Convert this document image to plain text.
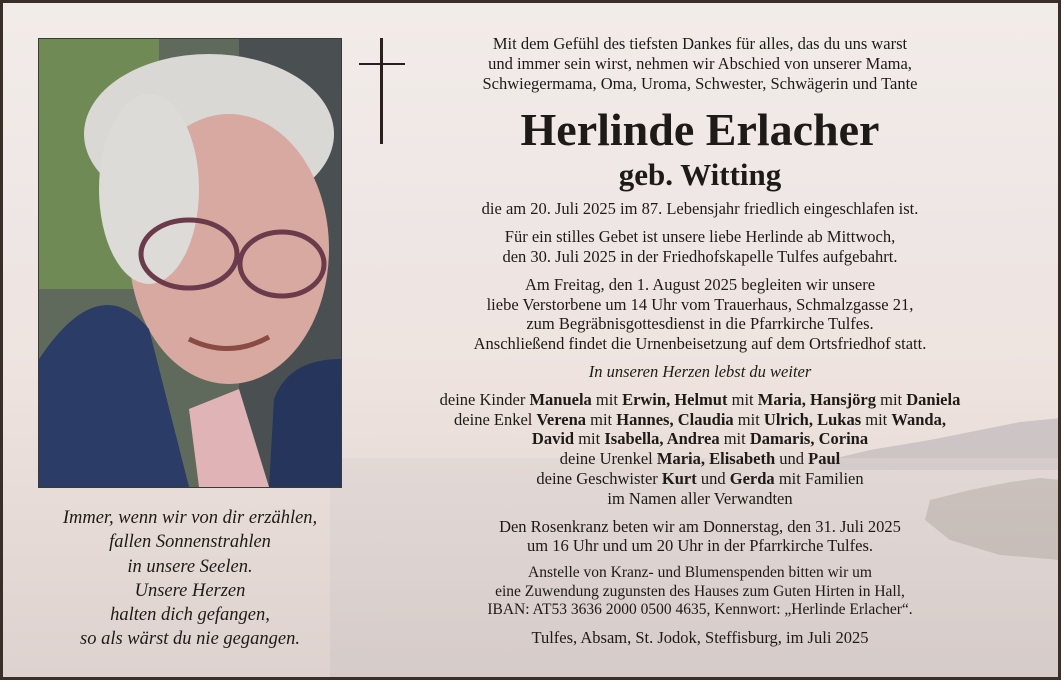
Immer, wenn wir von dir erzählen,
fallen Sonnenstrahlen
in unsere Seelen.
Unsere Herzen
halten dich gefangen,
so als wärst du nie gegangen.
Mit dem Gefühl des tiefsten Dankes für alles, das du uns warst
und immer sein wirst, nehmen wir Abschied von unserer Mama,
Schwiegermama, Oma, Uroma, Schwester, Schwägerin und Tante
Herlinde Erlacher
geb. Witting
die am 20. Juli 2025 im 87. Lebensjahr friedlich eingeschlafen ist.
Für ein stilles Gebet ist unsere liebe Herlinde ab Mittwoch,
den 30. Juli 2025 in der Friedhofskapelle Tulfes aufgebahrt.
Am Freitag, den 1. August 2025 begleiten wir unsere
liebe Verstorbene um 14 Uhr vom Trauerhaus, Schmalzgasse 21,
zum Begräbnisgottesdienst in die Pfarrkirche Tulfes.
Anschließend findet die Urnenbeisetzung auf dem Ortsfriedhof statt.
In unseren Herzen lebst du weiter
deine Kinder Manuela mit Erwin, Helmut mit Maria, Hansjörg mit Daniela
deine Enkel Verena mit Hannes, Claudia mit Ulrich, Lukas mit Wanda,
David mit Isabella, Andrea mit Damaris, Corina
deine Urenkel Maria, Elisabeth und Paul
deine Geschwister Kurt und Gerda mit Familien
im Namen aller Verwandten
Den Rosenkranz beten wir am Donnerstag, den 31. Juli 2025
um 16 Uhr und um 20 Uhr in der Pfarrkirche Tulfes.
Anstelle von Kranz- und Blumenspenden bitten wir um
eine Zuwendung zugunsten des Hauses zum Guten Hirten in Hall,
IBAN: AT53 3636 2000 0500 4635, Kennwort: „Herlinde Erlacher“.
Tulfes, Absam, St. Jodok, Steffisburg, im Juli 2025
